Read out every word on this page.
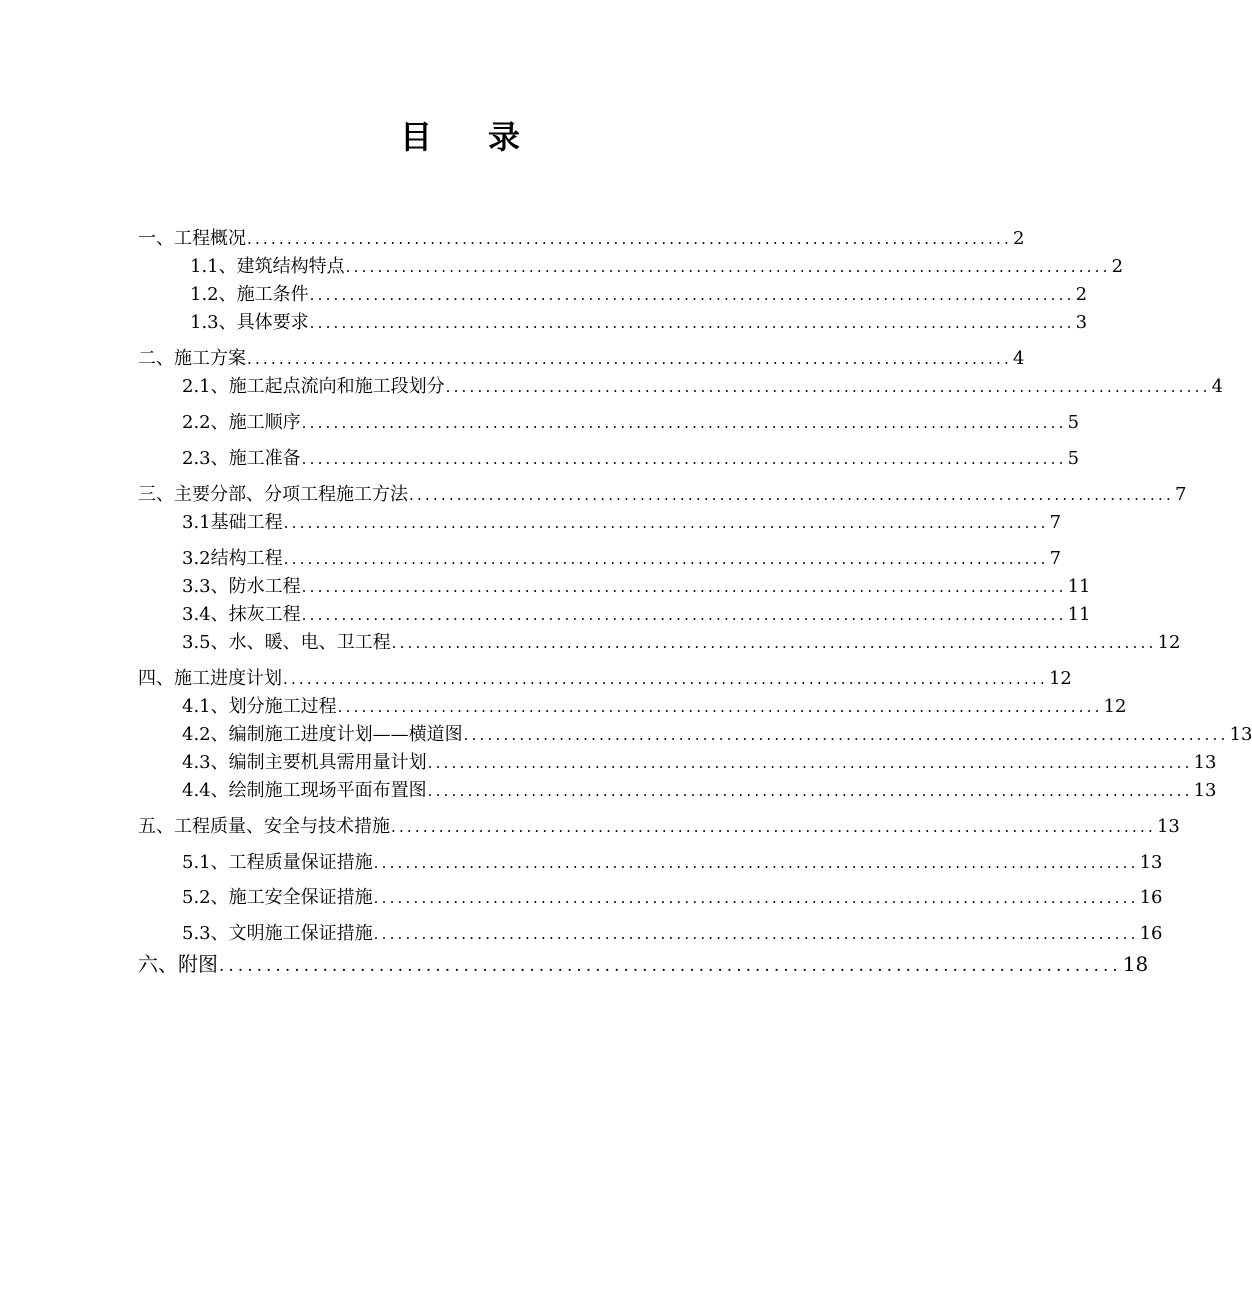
目 录
一、工程概况 ................................................................................................ 2
1.1、建筑结构特点 ................................................................................................ 2
1.2、施工条件 ................................................................................................ 2
1.3、具体要求 ................................................................................................ 3
二、施工方案 ................................................................................................ 4
2.1、施工起点流向和施工段划分 ................................................................................................ 4
2.2、施工顺序 ................................................................................................ 5
2.3、施工准备 ................................................................................................ 5
三、主要分部、分项工程施工方法 ................................................................................................ 7
3.1基础工程 ................................................................................................ 7
3.2结构工程 ................................................................................................ 7
3.3、防水工程 ................................................................................................ 11
3.4、抹灰工程 ................................................................................................ 11
3.5、水、暖、电、卫工程 ................................................................................................ 12
四、施工进度计划 ................................................................................................ 12
4.1、划分施工过程 ................................................................................................ 12
4.2、编制施工进度计划——横道图 ................................................................................................ 13
4.3、编制主要机具需用量计划 ................................................................................................ 13
4.4、绘制施工现场平面布置图 ................................................................................................ 13
五、工程质量、安全与技术措施 ................................................................................................ 13
5.1、工程质量保证措施 ................................................................................................ 13
5.2、施工安全保证措施 ................................................................................................ 16
5.3、文明施工保证措施 ................................................................................................ 16
六、附图 ................................................................................................ 18
